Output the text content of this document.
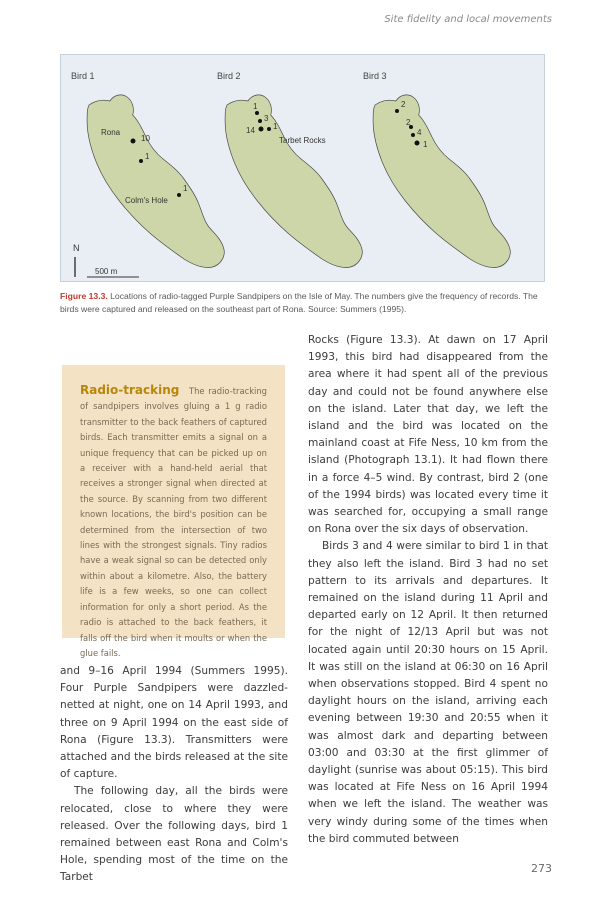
Site fidelity and local movements
Bird 1
Rona
10
1
1
Colm's Hole
N
500 m
Bird 2
1
3
14 1
Tarbet Rocks
Bird 3
2
2
4
1
Figure 13.3. Locations of radio-tagged Purple Sandpipers on the Isle of May. The numbers give the frequency of records. The birds were captured and released on the southeast part of Rona. Source: Summers (1995).
Radio-tracking The radio-tracking of sandpipers involves gluing a 1 g radio transmitter to the back feathers of captured birds. Each transmitter emits a signal on a unique frequency that can be picked up on a receiver with a hand-held aerial that receives a stronger signal when directed at the source. By scanning from two different known locations, the bird's position can be determined from the intersection of two lines with the strongest signals. Tiny radios have a weak signal so can be detected only within about a kilometre. Also, the battery life is a few weeks, so one can collect information for only a short period. As the radio is attached to the back feathers, it falls off the bird when it moults or when the glue fails.

and 9–16 April 1994 (Summers 1995). Four Purple Sandpipers were dazzled-netted at night, one on 14 April 1993, and three on 9 April 1994 on the east side of Rona (Figure 13.3). Transmitters were attached and the birds released at the site of capture.

The following day, all the birds were relocated, close to where they were released. Over the following days, bird 1 remained between east Rona and Colm's Hole, spending most of the time on the Tarbet

Rocks (Figure 13.3). At dawn on 17 April 1993, this bird had disappeared from the area where it had spent all of the previous day and could not be found anywhere else on the island. Later that day, we left the island and the bird was located on the mainland coast at Fife Ness, 10 km from the island (Photograph 13.1). It had flown there in a force 4–5 wind. By contrast, bird 2 (one of the 1994 birds) was located every time it was searched for, occupying a small range on Rona over the six days of observation.

Birds 3 and 4 were similar to bird 1 in that they also left the island. Bird 3 had no set pattern to its arrivals and departures. It remained on the island during 11 April and departed early on 12 April. It then returned for the night of 12/13 April but was not located again until 20:30 hours on 15 April. It was still on the island at 06:30 on 16 April when observations stopped. Bird 4 spent no daylight hours on the island, arriving each evening between 19:30 and 20:55 when it was almost dark and departing between 03:00 and 03:30 at the first glimmer of daylight (sunrise was about 05:15). This bird was located at Fife Ness on 16 April 1994 when we left the island. The weather was very windy during some of the times when the bird commuted between

273
